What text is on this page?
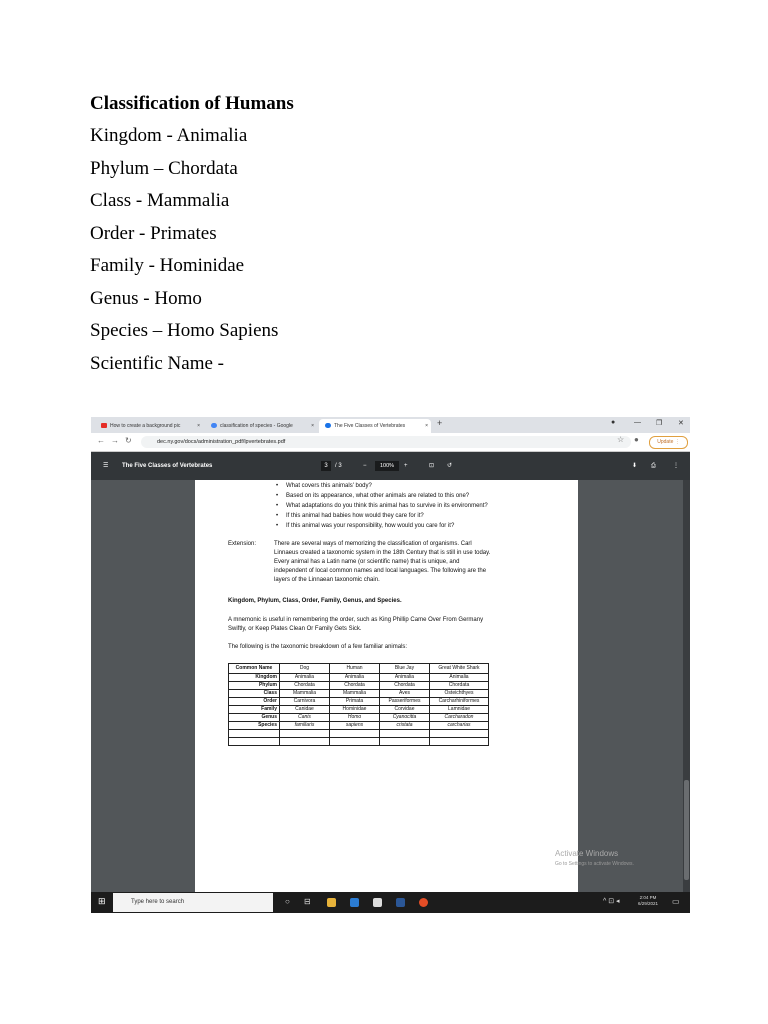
Classification of Humans
Kingdom - Animalia
Phylum – Chordata
Class - Mammalia
Order - Primates
Family - Hominidae
Genus - Homo
Species – Homo Sapiens
Scientific Name -
How to create a background pic	×	classification of species - Google	×	The Five Classes of Vertebrates	× +	●	— ❐ ✕
← → ↻	dec.ny.gov/docs/administration_pdf/lpvertebrates.pdf	☆ ●	Update ⋮
☰ The Five Classes of Vertebrates	3	/ 3	−	100%	+	⊡ ↺	⬇ ⎙	⋮
• What covers this animals' body?
• Based on its appearance, what other animals are related to this one?
• What adaptations do you think this animal has to survive in its environment?
• If this animal had babies how would they care for it?
• If this animal was your responsibility, how would you care for it?
Extension:	There are several ways of memorizing the classification of organisms. Carl
Linnaeus created a taxonomic system in the 18th Century that is still in use today.
Every animal has a Latin name (or scientific name) that is unique, and
independent of local common names and local languages. The following are the
layers of the Linnaean taxonomic chain.
Kingdom, Phylum, Class, Order, Family, Genus, and Species.
A mnemonic is useful in remembering the order, such as King Phillip Came Over From Germany
Swiftly, or Keep Plates Clean Or Family Gets Sick.
The following is the taxonomic breakdown of a few familiar animals:
Common Name	Dog	Human	Blue Jay	Great White Shark
Kingdom	Animalia	Animalia	Animalia	Animalia
Phylum	Chordata	Chordata	Chordata	Chordata
Class	Mammalia	Mammalia	Aves	Osteichthyes
Order	Carnivora	Primata	Passeriformes	Carcharhiniformes
Family	Canidae	Hominidae	Corvidae	Lamnidae
Genus	Canis	Homo	Cyanocitta	Carcharadon
Species	familiaris	sapiens	cristata	carcharias

Activate Windows
Go to Settings to activate Windows.
⊞	Type here to search	○ ⊟	^ ⊡ ◂
2:04 PM
6/29/2021 ▭
